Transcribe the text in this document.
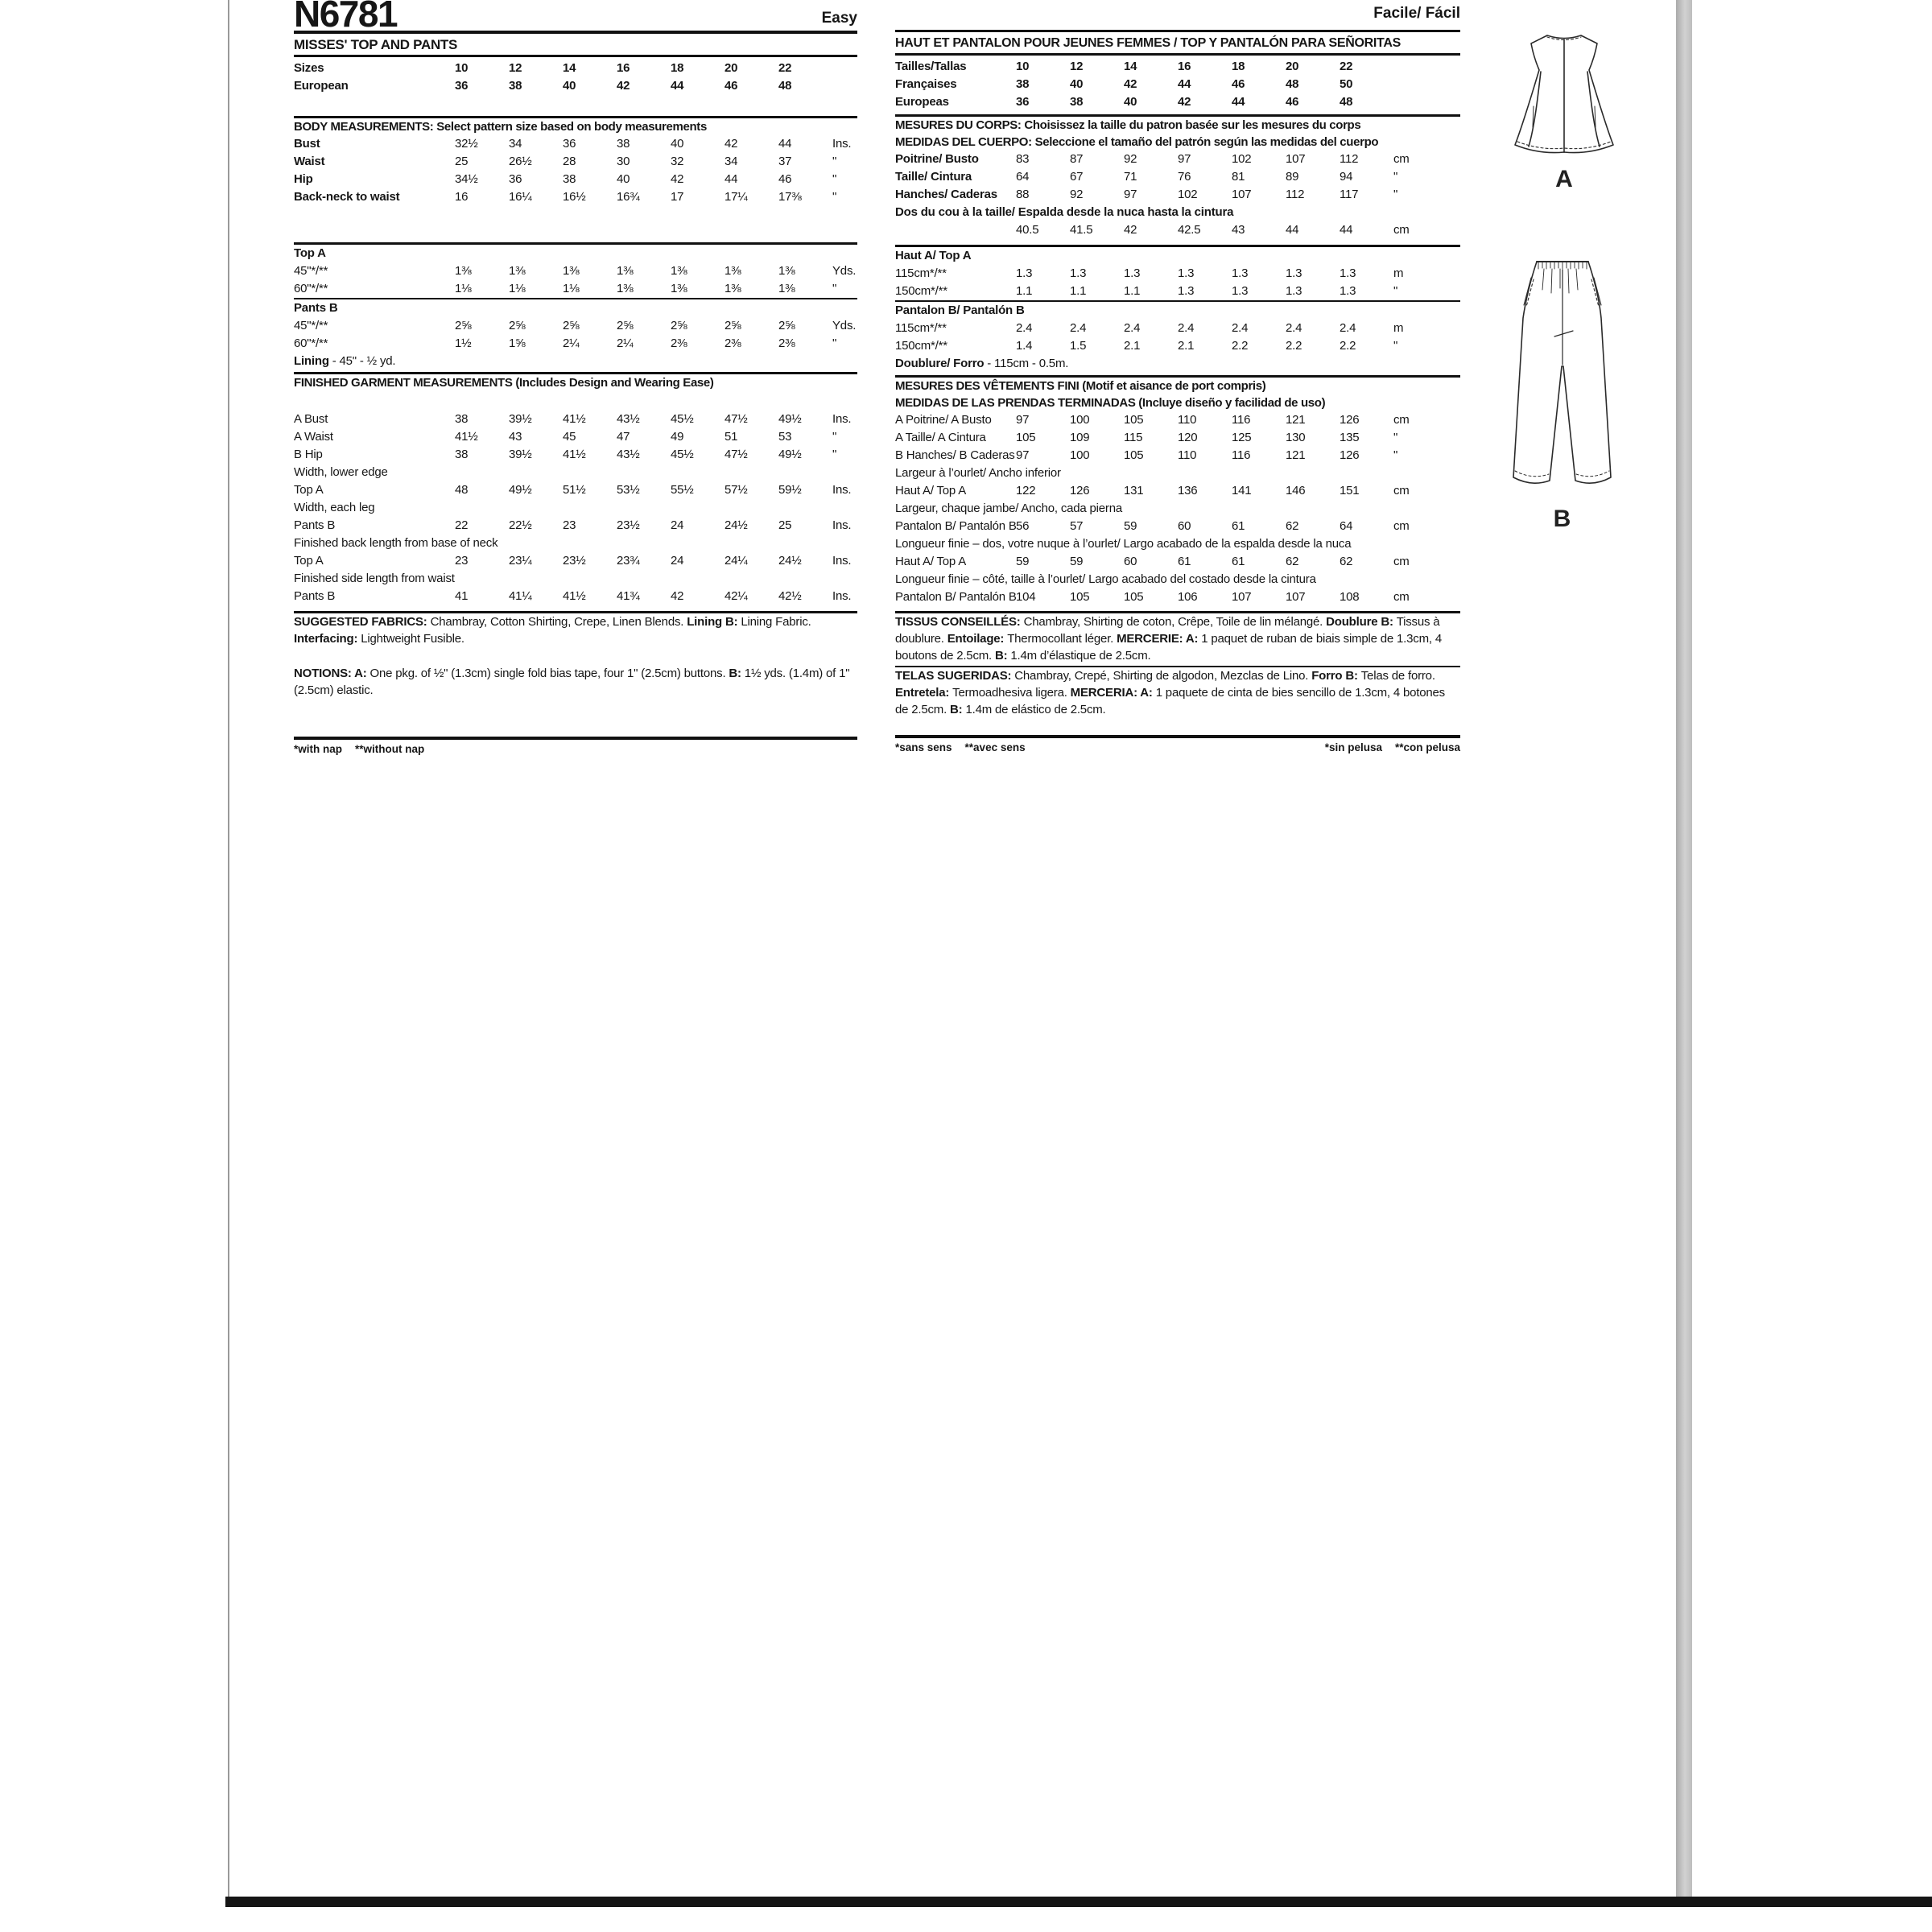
N6781	Easy
MISSES' TOP AND PANTS
Sizes	10	12	14	16	18	20	22
European	36	38	40	42	44	46	48
BODY MEASUREMENTS: Select pattern size based on body measurements
Bust	32½	34	36	38	40	42	44	Ins.
Waist	25	26½	28	30	32	34	37	"
Hip	34½	36	38	40	42	44	46	"
Back-neck to waist	16	16¼	16½	16¾	17	17¼	17⅜	"
Top A
45"*/**	1⅜	1⅜	1⅜	1⅜	1⅜	1⅜	1⅜	Yds.
60"*/**	1⅛	1⅛	1⅛	1⅜	1⅜	1⅜	1⅜	"
Pants B
45"*/**	2⅝	2⅝	2⅝	2⅝	2⅝	2⅝	2⅝	Yds.
60"*/**	1½	1⅝	2¼	2¼	2⅜	2⅜	2⅜	"
Lining - 45" - ½ yd.
FINISHED GARMENT MEASUREMENTS (Includes Design and Wearing Ease)
A Bust	38	39½	41½	43½	45½	47½	49½	Ins.
A Waist	41½	43	45	47	49	51	53	"
B Hip	38	39½	41½	43½	45½	47½	49½	"
Width, lower edge
Top A	48	49½	51½	53½	55½	57½	59½	Ins.
Width, each leg
Pants B	22	22½	23	23½	24	24½	25	Ins.
Finished back length from base of neck
Top A	23	23¼	23½	23¾	24	24¼	24½	Ins.
Finished side length from waist
Pants B	41	41¼	41½	41¾	42	42¼	42½	Ins.
SUGGESTED FABRICS: Chambray, Cotton Shirting, Crepe, Linen Blends. Lining B: Lining Fabric. Interfacing: Lightweight Fusible.
NOTIONS: A: One pkg. of ½" (1.3cm) single fold bias tape, four 1" (2.5cm) buttons. B: 1½ yds. (1.4m) of 1" (2.5cm) elastic.
*with nap **without nap
Facile/ Fácil
HAUT ET PANTALON POUR JEUNES FEMMES / TOP Y PANTALÓN PARA SEÑORITAS
Tailles/Tallas	10	12	14	16	18	20	22
Françaises	38	40	42	44	46	48	50
Europeas	36	38	40	42	44	46	48
MESURES DU CORPS: Choisissez la taille du patron basée sur les mesures du corps
MEDIDAS DEL CUERPO: Seleccione el tamaño del patrón según las medidas del cuerpo
Poitrine/ Busto	83	87	92	97	102	107	112	cm
Taille/ Cintura	64	67	71	76	81	89	94	"
Hanches/ Caderas	88	92	97	102	107	112	117	"
Dos du cou à la taille/ Espalda desde la nuca hasta la cintura
40.5	41.5	42	42.5	43	44	44	cm
Haut A/ Top A
115cm*/**	1.3	1.3	1.3	1.3	1.3	1.3	1.3	m
150cm*/**	1.1	1.1	1.1	1.3	1.3	1.3	1.3	"
Pantalon B/ Pantalón B
115cm*/**	2.4	2.4	2.4	2.4	2.4	2.4	2.4	m
150cm*/**	1.4	1.5	2.1	2.1	2.2	2.2	2.2	"
Doublure/ Forro - 115cm - 0.5m.
MESURES DES VÊTEMENTS FINI (Motif et aisance de port compris)
MEDIDAS DE LAS PRENDAS TERMINADAS (Incluye diseño y facilidad de uso)
A Poitrine/ A Busto	97	100	105	110	116	121	126	cm
A Taille/ A Cintura	105	109	115	120	125	130	135	"
B Hanches/ B Caderas 97	100	105	110	116	121	126	"
Largeur à l’ourlet/ Ancho inferior
Haut A/ Top A	122	126	131	136	141	146	151	cm
Largeur, chaque jambe/ Ancho, cada pierna
Pantalon B/ Pantalón B 56	57	59	60	61	62	64	cm
Longueur finie – dos, votre nuque à l’ourlet/ Largo acabado de la espalda desde la nuca
Haut A/ Top A	59	59	60	61	61	62	62	cm
Longueur finie – côté, taille à l’ourlet/ Largo acabado del costado desde la cintura
Pantalon B/ Pantalón B 104	105	105	106	107	107	108	cm
TISSUS CONSEILLÉS: Chambray, Shirting de coton, Crêpe, Toile de lin mélangé. Doublure B: Tissus à doublure. Entoilage: Thermocollant léger. MERCERIE: A: 1 paquet de ruban de biais simple de 1.3cm, 4 boutons de 2.5cm. B: 1.4m d’élastique de 2.5cm.
TELAS SUGERIDAS: Chambray, Crepé, Shirting de algodon, Mezclas de Lino. Forro B: Telas de forro. Entretela: Termoadhesiva ligera. MERCERIA: A: 1 paquete de cinta de bies sencillo de 1.3cm, 4 botones de 2.5cm. B: 1.4m de elástico de 2.5cm.
*sans sens **avec sens	*sin pelusa **con pelusa
A
B
